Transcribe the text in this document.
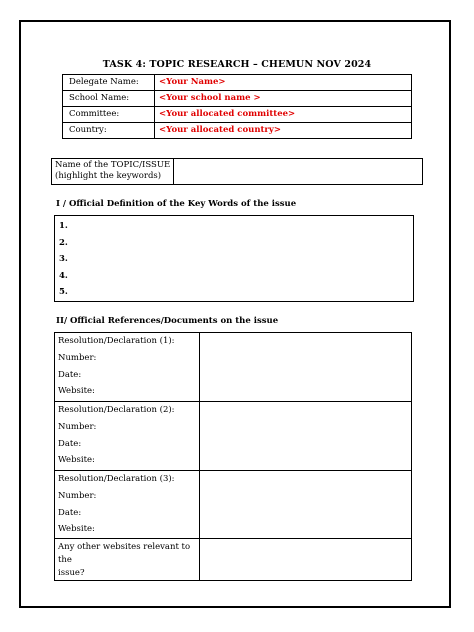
TASK 4: TOPIC RESEARCH – CHEMUN NOV 2024
Delegate Name:	<Your Name>
School Name:	<Your school name >
Committee:	<Your allocated committee>
Country:	<Your allocated country>
Name of the TOPIC/ISSUE
(highlight the keywords)

I / Official Definition of the Key Words of the issue
1.
2.
3.
4.
5.
II/ Official References/Documents on the issue
Resolution/Declaration (1):
Number:
Date:
Website:	

Resolution/Declaration (2):
Number:
Date:
Website:	

Resolution/Declaration (3):
Number:
Date:
Website:	

Any other websites relevant to the
issue?	
